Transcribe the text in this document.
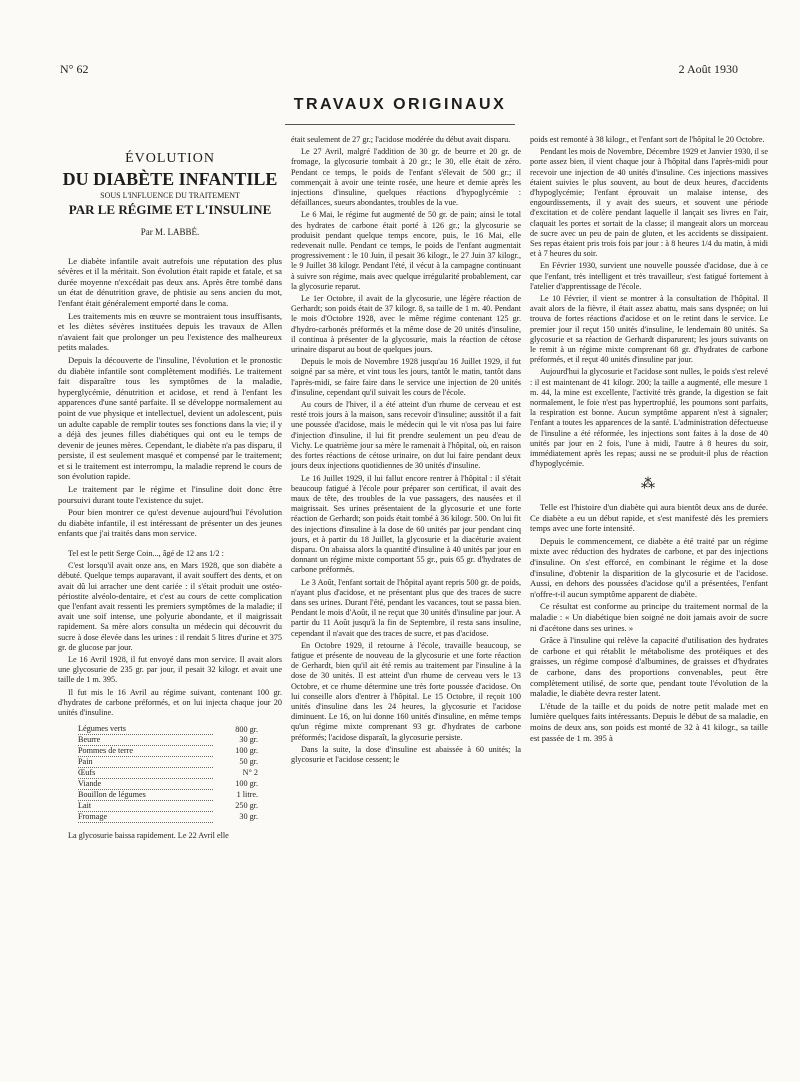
N° 62	2 Août 1930
TRAVAUX ORIGINAUX
ÉVOLUTION
DU DIABÈTE INFANTILE
SOUS L'INFLUENCE DU TRAITEMENT
PAR LE RÉGIME ET L'INSULINE
Par M. LABBÉ.

Le diabète infantile avait autrefois une réputation des plus sévères et il la méritait. Son évolution était rapide et fatale, et sa durée moyenne n'excédait pas deux ans. Après être tombé dans un état de dénutrition grave, de phtisie au sens ancien du mot, l'enfant était généralement emporté dans le coma.

Les traitements mis en œuvre se montraient tous insuffisants, et les diètes sévères instituées depuis les travaux de Allen n'avaient fait que prolonger un peu l'existence des malheureux petits malades.

Depuis la découverte de l'insuline, l'évolution et le pronostic du diabète infantile sont complètement modifiés. Le traitement fait disparaître tous les symptômes de la maladie, hyperglycémie, dénutrition et acidose, et rend à l'enfant les apparences d'une santé parfaite. Il se développe normalement au point de vue physique et intellectuel, devient un adolescent, puis un adulte capable de remplir toutes ses fonctions dans la vie; il y a déjà des jeunes filles diabétiques qui ont eu le temps de devenir de jeunes mères. Cependant, le diabète n'a pas disparu, il persiste, il est seulement masqué et compensé par le traitement; et si le traitement est interrompu, la maladie reprend le cours de son évolution rapide.

Le traitement par le régime et l'insuline doit donc être poursuivi durant toute l'existence du sujet.

Pour bien montrer ce qu'est devenue aujourd'hui l'évolution du diabète infantile, il est intéressant de présenter un des jeunes enfants que j'ai traités dans mon service.

Tel est le petit Serge Coin..., âgé de 12 ans 1/2 :

C'est lorsqu'il avait onze ans, en Mars 1928, que son diabète a débuté. Quelque temps auparavant, il avait souffert des dents, et on avait dû lui arracher une dent cariée : il s'était produit une ostéo-périostite alvéolo-dentaire, et c'est au cours de cette complication que l'enfant avait ressenti les premiers symptômes de la maladie; il avait une soif intense, une polyurie abondante, et il maigrissait rapidement. Sa mère alors consulta un médecin qui découvrit du sucre à dose élevée dans les urines : il rendait 5 litres d'urine et 375 gr. de glucose par jour.

Le 16 Avril 1928, il fut envoyé dans mon service. Il avait alors une glycosurie de 235 gr. par jour, il pesait 32 kilogr. et avait une taille de 1 m. 395.

Il fut mis le 16 Avril au régime suivant, contenant 100 gr. d'hydrates de carbone préformés, et on lui injecta chaque jour 20 unités d'insuline.

Légumes verts	800 gr.
Beurre	30 gr.
Pommes de terre	100 gr.
Pain	50 gr.
Œufs	N° 2
Viande	100 gr.
Bouillon de légumes	1 litre.
Lait	250 gr.
Fromage	30 gr.

La glycosurie baissa rapidement. Le 22 Avril elle

était seulement de 27 gr.; l'acidose modérée du début avait disparu.

Le 27 Avril, malgré l'addition de 30 gr. de beurre et 20 gr. de fromage, la glycosurie tombait à 20 gr.; le 30, elle était de zéro. Pendant ce temps, le poids de l'enfant s'élevait de 500 gr.; il commençait à avoir une teinte rosée, une heure et demie après les injections d'insuline, quelques réactions d'hypoglycémie : défaillances, sueurs abondantes, troubles de la vue.

Le 6 Mai, le régime fut augmenté de 50 gr. de pain; ainsi le total des hydrates de carbone était porté à 126 gr.; la glycosurie se produisit pendant quelque temps encore, puis, le 16 Mai, elle redevenait nulle. Pendant ce temps, le poids de l'enfant augmentait progressivement : le 10 Juin, il pesait 36 kilogr., le 27 Juin 37 kilogr., le 9 Juillet 38 kilogr. Pendant l'été, il vécut à la campagne continuant à suivre son régime, mais avec quelque irrégularité probablement, car la glycosurie reparut.

Le 1er Octobre, il avait de la glycosurie, une légère réaction de Gerhardt; son poids était de 37 kilogr. 8, sa taille de 1 m. 40. Pendant le mois d'Octobre 1928, avec le même régime contenant 125 gr. d'hydro-carbonés préformés et la même dose de 20 unités d'insuline, il continua à présenter de la glycosurie, mais la réaction de cétose urinaire disparut au bout de quelques jours.

Depuis le mois de Novembre 1928 jusqu'au 16 Juillet 1929, il fut soigné par sa mère, et vint tous les jours, tantôt le matin, tantôt dans l'après-midi, se faire faire dans le service une injection de 20 unités d'insuline, cependant qu'il suivait les cours de l'école.

Au cours de l'hiver, il a été atteint d'un rhume de cerveau et est resté trois jours à la maison, sans recevoir d'insuline; aussitôt il a fait une poussée d'acidose, mais le médecin qui le vit n'osa pas lui faire d'injection d'insuline, il lui fit prendre seulement un peu d'eau de Vichy. Le quatrième jour sa mère le ramenait à l'hôpital, où, en raison des fortes réactions de cétose urinaire, on dut lui faire pendant deux jours deux injections quotidiennes de 30 unités d'insuline.

Le 16 Juillet 1929, il lui fallut encore rentrer à l'hôpital : il s'était beaucoup fatigué à l'école pour préparer son certificat, il avait des maux de tête, des troubles de la vue passagers, des nausées et il maigrissait. Ses urines présentaient de la glycosurie et une forte réaction de Gerhardt; son poids était tombé à 36 kilogr. 500. On lui fit des injections d'insuline à la dose de 60 unités par jour pendant cinq jours, et à partir du 18 Juillet, la glycosurie et la diacéturie avaient disparu. On abaissa alors la quantité d'insuline à 40 unités par jour en donnant un régime mixte comportant 55 gr., puis 65 gr. d'hydrates de carbone préformés.

Le 3 Août, l'enfant sortait de l'hôpital ayant repris 500 gr. de poids, n'ayant plus d'acidose, et ne présentant plus que des traces de sucre dans ses urines. Durant l'été, pendant les vacances, tout se passa bien. Pendant le mois d'Août, il ne reçut que 30 unités d'insuline par jour. A partir du 11 Août jusqu'à la fin de Septembre, il resta sans insuline, cependant il n'avait que des traces de sucre, et pas d'acidose.

En Octobre 1929, il retourne à l'école, travaille beaucoup, se fatigue et présente de nouveau de la glycosurie et une forte réaction de Gerhardt, bien qu'il ait été remis au traitement par l'insuline à la dose de 30 unités. Il est atteint d'un rhume de cerveau vers le 13 Octobre, et ce rhume détermine une très forte poussée d'acidose. On lui conseille alors d'entrer à l'hôpital. Le 15 Octobre, il reçoit 100 unités d'insuline dans les 24 heures, la glycosurie et l'acidose diminuent. Le 16, on lui donne 160 unités d'insuline, en même temps qu'un régime mixte comprenant 93 gr. d'hydrates de carbone préformés; l'acidose disparaît, la glycosurie persiste.

Dans la suite, la dose d'insuline est abaissée à 60 unités; la glycosurie et l'acidose cessent; le

poids est remonté à 38 kilogr., et l'enfant sort de l'hôpital le 20 Octobre.

Pendant les mois de Novembre, Décembre 1929 et Janvier 1930, il se porte assez bien, il vient chaque jour à l'hôpital dans l'après-midi pour recevoir une injection de 40 unités d'insuline. Ces injections massives étaient suivies le plus souvent, au bout de deux heures, d'accidents d'hypoglycémie; l'enfant éprouvait un malaise intense, des engourdissements, il y avait des sueurs, et souvent une période d'excitation et de colère pendant laquelle il lançait ses livres en l'air, claquait les portes et sortait de la classe; il mangeait alors un morceau de sucre avec un peu de pain de gluten, et les accidents se dissipaient. Ses repas étaient pris trois fois par jour : à 8 heures 1/4 du matin, à midi et à 7 heures du soir.

En Février 1930, survient une nouvelle poussée d'acidose, due à ce que l'enfant, très intelligent et très travailleur, s'est fatigué fortement à l'atelier d'apprentissage de l'école.

Le 10 Février, il vient se montrer à la consultation de l'hôpital. Il avait alors de la fièvre, il était assez abattu, mais sans dyspnée; on lui trouva de fortes réactions d'acidose et on le retint dans le service. Le premier jour il reçut 150 unités d'insuline, le lendemain 80 unités. Sa glycosurie et sa réaction de Gerhardt disparurent; les jours suivants on le remit à un régime mixte comprenant 68 gr. d'hydrates de carbone préformés, et il reçut 40 unités d'insuline par jour.

Aujourd'hui la glycosurie et l'acidose sont nulles, le poids s'est relevé : il est maintenant de 41 kilogr. 200; la taille a augmenté, elle mesure 1 m. 44, la mine est excellente, l'activité très grande, la digestion se fait normalement, le foie n'est pas hypertrophié, les poumons sont parfaits, la respiration est bonne. Aucun symptôme apparent n'est à signaler; l'enfant a toutes les apparences de la santé. L'administration défectueuse de l'insuline a été réformée, les injections sont faites à la dose de 40 unités par jour en 2 fois, l'une à midi, l'autre à 8 heures du soir, immédiatement après les repas; aussi ne se produit-il plus de réaction d'hypoglycémie.

⁂

Telle est l'histoire d'un diabète qui aura bientôt deux ans de durée. Ce diabète a eu un début rapide, et s'est manifesté dès les premiers temps avec une forte intensité.

Depuis le commencement, ce diabète a été traité par un régime mixte avec réduction des hydrates de carbone, et par des injections d'insuline. On s'est efforcé, en combinant le régime et la dose d'insuline, d'obtenir la disparition de la glycosurie et de l'acidose. Aussi, en dehors des poussées d'acidose qu'il a présentées, l'enfant n'offre-t-il aucun symptôme apparent de diabète.

Ce résultat est conforme au principe du traitement normal de la maladie : « Un diabétique bien soigné ne doit jamais avoir de sucre ni d'acétone dans ses urines. »

Grâce à l'insuline qui relève la capacité d'utilisation des hydrates de carbone et qui rétablit le métabolisme des protéiques et des graisses, un régime composé d'albumines, de graisses et d'hydrates de carbone, dans des proportions convenables, peut être complètement utilisé, de sorte que, pendant toute l'évolution de la maladie, le diabète devra rester latent.

L'étude de la taille et du poids de notre petit malade met en lumière quelques faits intéressants. Depuis le début de sa maladie, en moins de deux ans, son poids est monté de 32 à 41 kilogr., sa taille est passée de 1 m. 395 à
